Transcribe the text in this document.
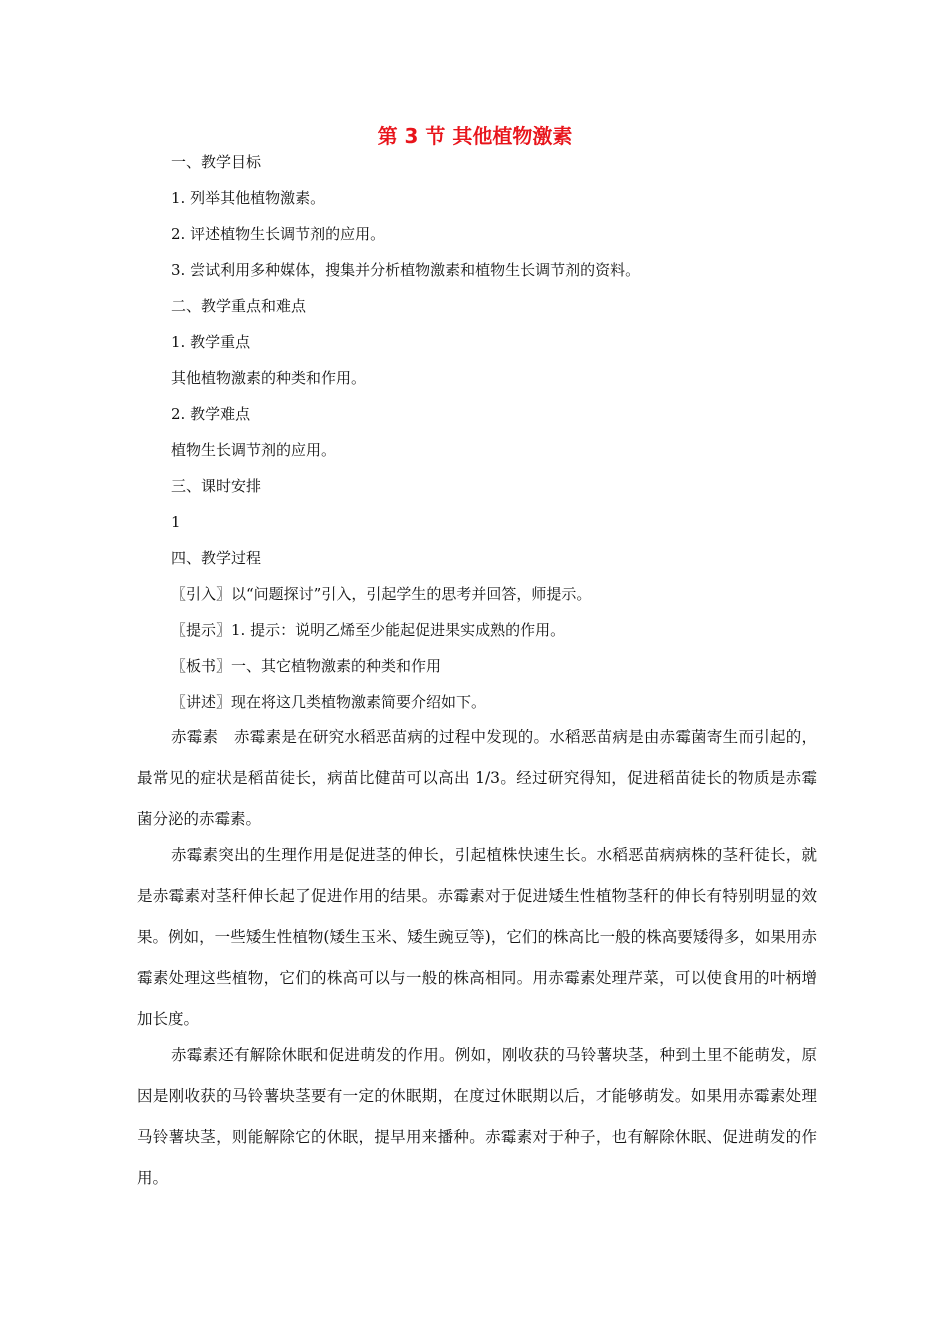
第 3 节 其他植物激素
一、教学目标
1. 列举其他植物激素。
2. 评述植物生长调节剂的应用。
3. 尝试利用多种媒体，搜集并分析植物激素和植物生长调节剂的资料。
二、教学重点和难点
1. 教学重点
其他植物激素的种类和作用。
2. 教学难点
植物生长调节剂的应用。
三、课时安排
1
四、教学过程
〖引入〗以“问题探讨”引入，引起学生的思考并回答，师提示。
〖提示〗1. 提示：说明乙烯至少能起促进果实成熟的作用。
〖板书〗一、其它植物激素的种类和作用
〖讲述〗现在将这几类植物激素简要介绍如下。

赤霉素　赤霉素是在研究水稻恶苗病的过程中发现的。水稻恶苗病是由赤霉菌寄生而引起的，最常见的症状是稻苗徒长，病苗比健苗可以高出 1/3。经过研究得知，促进稻苗徒长的物质是赤霉菌分泌的赤霉素。

赤霉素突出的生理作用是促进茎的伸长，引起植株快速生长。水稻恶苗病病株的茎秆徒长，就是赤霉素对茎秆伸长起了促进作用的结果。赤霉素对于促进矮生性植物茎秆的伸长有特别明显的效果。例如，一些矮生性植物(矮生玉米、矮生豌豆等)，它们的株高比一般的株高要矮得多，如果用赤霉素处理这些植物，它们的株高可以与一般的株高相同。用赤霉素处理芹菜，可以使食用的叶柄增加长度。

赤霉素还有解除休眠和促进萌发的作用。例如，刚收获的马铃薯块茎，种到土里不能萌发，原因是刚收获的马铃薯块茎要有一定的休眠期，在度过休眠期以后，才能够萌发。如果用赤霉素处理马铃薯块茎，则能解除它的休眠，提早用来播种。赤霉素对于种子，也有解除休眠、促进萌发的作用。
